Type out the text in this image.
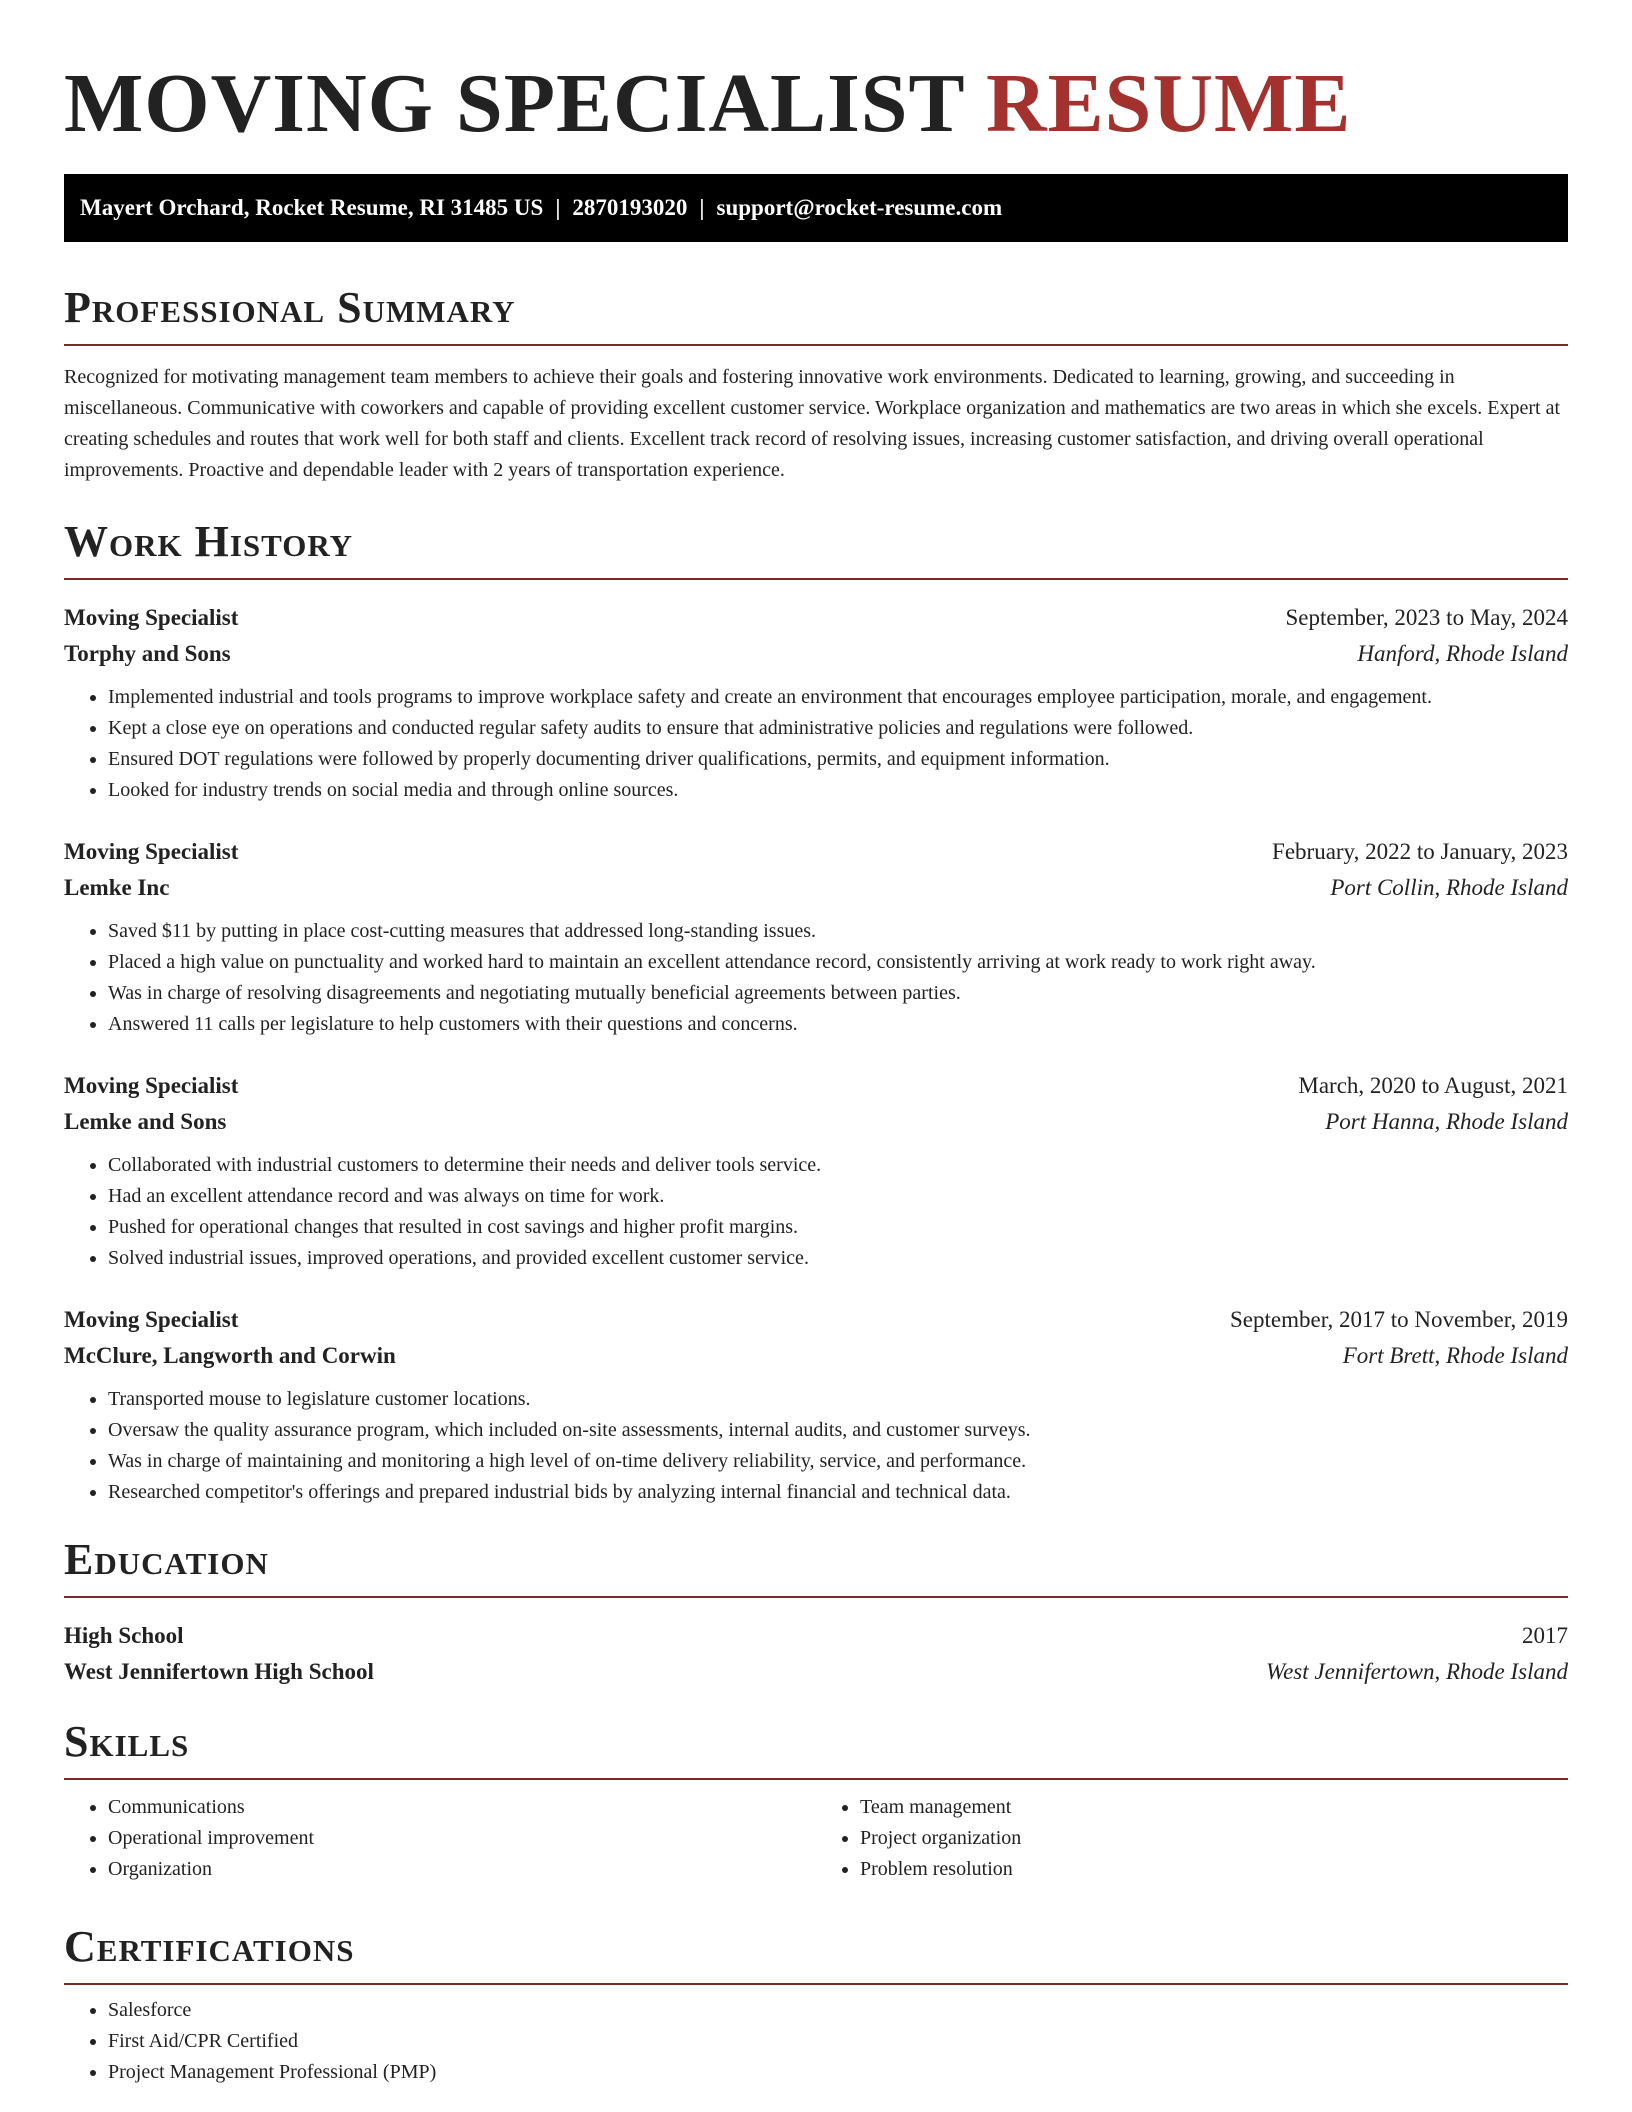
MOVING SPECIALIST RESUME
Mayert Orchard, Rocket Resume, RI 31485 US | 2870193020 | support@rocket-resume.com
Professional Summary

Recognized for motivating management team members to achieve their goals and fostering innovative work environments. Dedicated to learning, growing, and succeeding in miscellaneous. Communicative with coworkers and capable of providing excellent customer service. Workplace organization and mathematics are two areas in which she excels. Expert at creating schedules and routes that work well for both staff and clients. Excellent track record of resolving issues, increasing customer satisfaction, and driving overall operational improvements. Proactive and dependable leader with 2 years of transportation experience.

Work History
Moving Specialist	September, 2023 to May, 2024
Torphy and Sons	Hanford, Rhode Island
• Implemented industrial and tools programs to improve workplace safety and create an environment that encourages employee participation, morale, and engagement.
• Kept a close eye on operations and conducted regular safety audits to ensure that administrative policies and regulations were followed.
• Ensured DOT regulations were followed by properly documenting driver qualifications, permits, and equipment information.
• Looked for industry trends on social media and through online sources.
Moving Specialist	February, 2022 to January, 2023
Lemke Inc	Port Collin, Rhode Island
• Saved $11 by putting in place cost-cutting measures that addressed long-standing issues.
• Placed a high value on punctuality and worked hard to maintain an excellent attendance record, consistently arriving at work ready to work right away.
• Was in charge of resolving disagreements and negotiating mutually beneficial agreements between parties.
• Answered 11 calls per legislature to help customers with their questions and concerns.
Moving Specialist	March, 2020 to August, 2021
Lemke and Sons	Port Hanna, Rhode Island
• Collaborated with industrial customers to determine their needs and deliver tools service.
• Had an excellent attendance record and was always on time for work.
• Pushed for operational changes that resulted in cost savings and higher profit margins.
• Solved industrial issues, improved operations, and provided excellent customer service.
Moving Specialist	September, 2017 to November, 2019
McClure, Langworth and Corwin	Fort Brett, Rhode Island
• Transported mouse to legislature customer locations.
• Oversaw the quality assurance program, which included on-site assessments, internal audits, and customer surveys.
• Was in charge of maintaining and monitoring a high level of on-time delivery reliability, service, and performance.
• Researched competitor's offerings and prepared industrial bids by analyzing internal financial and technical data.
Education
High School	2017
West Jennifertown High School	West Jennifertown, Rhode Island
Skills
• Communications
• Operational improvement
• Organization
• Team management
• Project organization
• Problem resolution
Certifications
• Salesforce
• First Aid/CPR Certified
• Project Management Professional (PMP)
